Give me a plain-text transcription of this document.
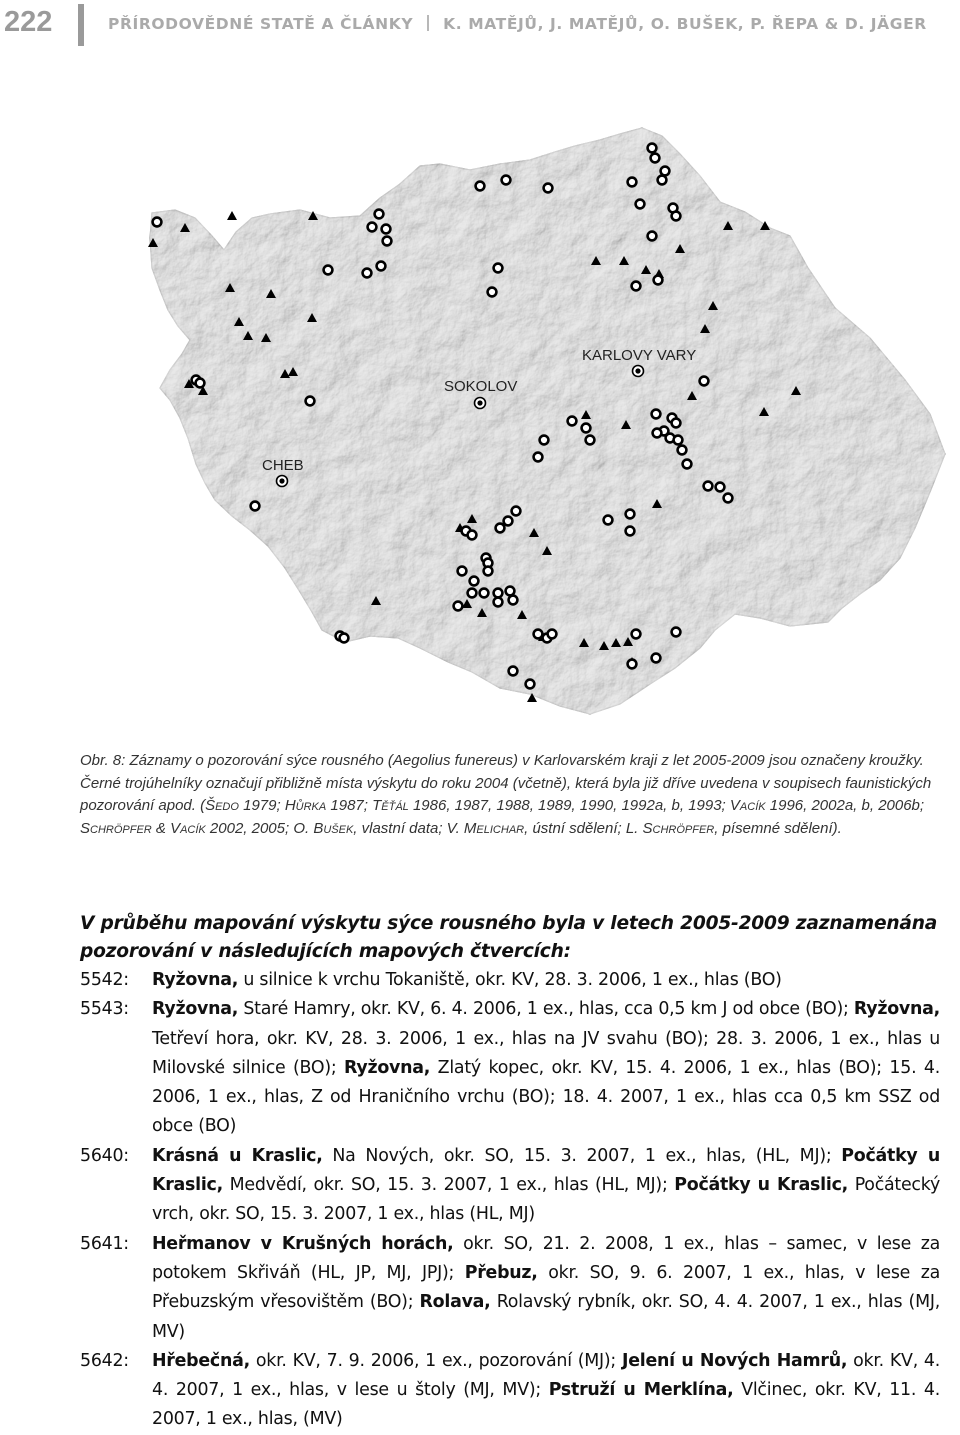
222	PŘÍRODOVĚDNÉ STATĚ A ČLÁNKY K. MATĚJŮ, J. MATĚJŮ, O. BUŠEK, P. ŘEPA & D. JÄGER
KARLOVY VARY
SOKOLOV
CHEB
Obr. 8: Záznamy o pozorování sýce rousného (Aegolius funereus) v Karlovarském kraji z let 2005-2009 jsou označeny kroužky. Černé trojúhelníky označují přibližně místa výskytu do roku 2004 (včetně), která byla již dříve uvedena v soupisech faunistických pozorování apod. (Šedo 1979; Hůrka 1987; Těťál 1986, 1987, 1988, 1989, 1990, 1992a, b, 1993; Vacík 1996, 2002a, b, 2006b; Schröpfer & Vacík 2002, 2005; O. Bušek, vlastní data; V. Melichar, ústní sdělení; L. Schröpfer, písemné sdělení).
V průběhu mapování výskytu sýce rousného byla v letech 2005-2009 zaznamenána pozorování v následujících mapových čtvercích:
5542: Ryžovna, u silnice k vrchu Tokaniště, okr. KV, 28. 3. 2006, 1 ex., hlas (BO)
5543: Ryžovna, Staré Hamry, okr. KV, 6. 4. 2006, 1 ex., hlas, cca 0,5 km J od obce (BO); Ryžovna, Tetřeví hora, okr. KV, 28. 3. 2006, 1 ex., hlas na JV svahu (BO); 28. 3. 2006, 1 ex., hlas u Milovské silnice (BO); Ryžovna, Zlatý kopec, okr. KV, 15. 4. 2006, 1 ex., hlas (BO); 15. 4. 2006, 1 ex., hlas, Z od Hraničního vrchu (BO); 18. 4. 2007, 1 ex., hlas cca 0,5 km SSZ od obce (BO)
5640: Krásná u Kraslic, Na Nových, okr. SO, 15. 3. 2007, 1 ex., hlas, (HL, MJ); Počátky u Kraslic, Medvědí, okr. SO, 15. 3. 2007, 1 ex., hlas (HL, MJ); Počátky u Kraslic, Počátecký vrch, okr. SO, 15. 3. 2007, 1 ex., hlas (HL, MJ)
5641: Heřmanov v Krušných horách, okr. SO, 21. 2. 2008, 1 ex., hlas – samec, v lese za potokem Skřiváň (HL, JP, MJ, JPJ); Přebuz, okr. SO, 9. 6. 2007, 1 ex., hlas, v lese za Přebuzským vřesovištěm (BO); Rolava, Rolavský rybník, okr. SO, 4. 4. 2007, 1 ex., hlas (MJ, MV)
5642: Hřebečná, okr. KV, 7. 9. 2006, 1 ex., pozorování (MJ); Jelení u Nových Hamrů, okr. KV, 4. 4. 2007, 1 ex., hlas, v lese u štoly (MJ, MV); Pstruží u Merklína, Vlčinec, okr. KV, 11. 4. 2007, 1 ex., hlas, (MV)
